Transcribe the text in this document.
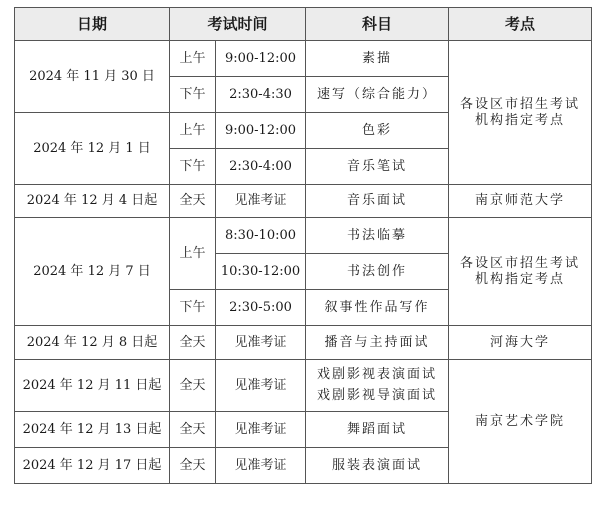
日期	考试时间		科目	考点
2024 年 11 月 30 日	上午	9:00-12:00	素描	各设区市招生考试
机构指定考点

	下午	2:30-4:30	速写（综合能力）	
2024 年 12 月 1 日	上午	9:00-12:00	色彩	
	下午	2:30-4:00	音乐笔试	
2024 年 12 月 4 日起	全天	见准考证	音乐面试	南京师范大学
2024 年 12 月 7 日	上午	8:30-10:00	书法临摹	各设区市招生考试
机构指定考点

		10:30-12:00	书法创作	
	下午	2:30-5:00	叙事性作品写作	
2024 年 12 月 8 日起	全天	见准考证	播音与主持面试	河海大学
2024 年 12 月 11 日起	全天	见准考证	戏剧影视表演面试
戏剧影视导演面试	南京艺术学院
2024 年 12 月 13 日起	全天	见准考证	舞蹈面试	
2024 年 12 月 17 日起	全天	见准考证	服装表演面试	
